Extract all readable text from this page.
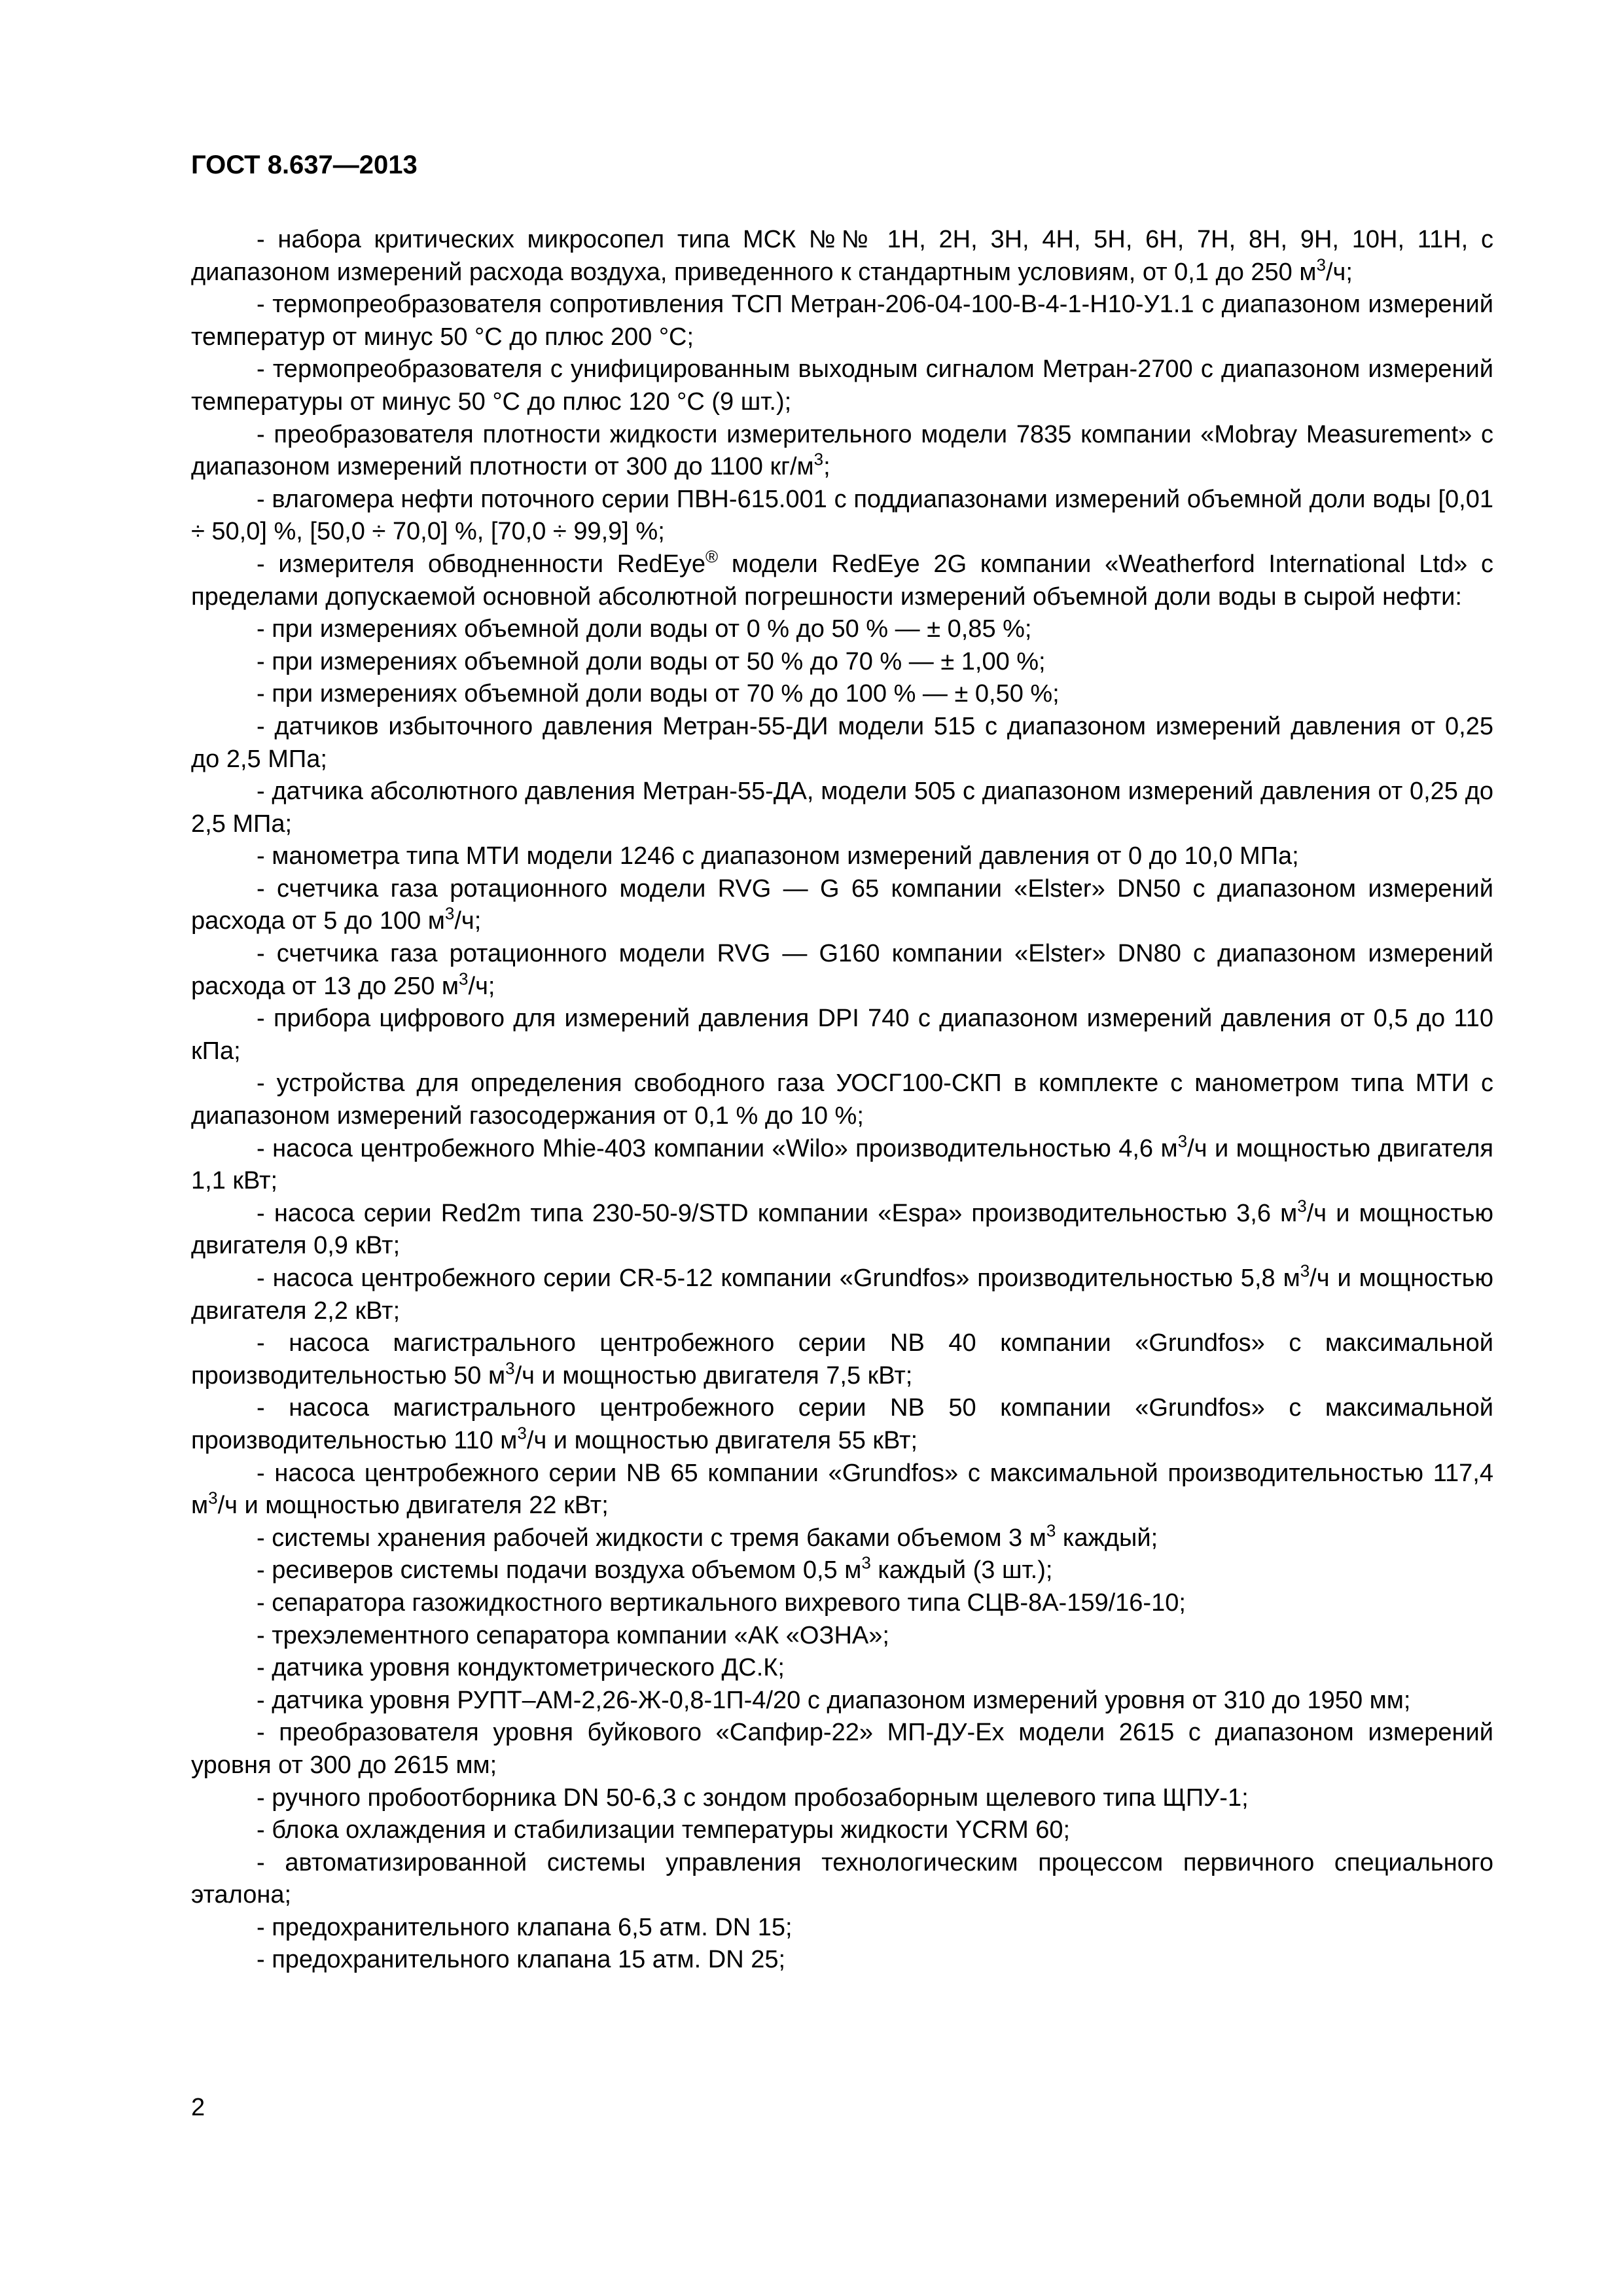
ГОСТ 8.637—2013

- набора критических микросопел типа МСК №№ 1Н, 2Н, 3Н, 4Н, 5Н, 6Н, 7Н, 8Н, 9Н, 10Н, 11Н, с диапазоном измерений расхода воздуха, приведенного к стандартным условиям, от 0,1 до 250 $м^3/ч$;

- термопреобразователя сопротивления ТСП Метран-206-04-100-В-4-1-Н10-У1.1 с диапазоном измерений температур от минус 50 °С до плюс 200 °С;

- термопреобразователя с унифицированным выходным сигналом Метран-2700 с диапазоном измерений температуры от минус 50 °С до плюс 120 °С (9 шт.);

- преобразователя плотности жидкости измерительного модели 7835 компании «Mobray Measurement» с диапазоном измерений плотности от 300 до 1100 $кг/м^3$;

- влагомера нефти поточного серии ПВН-615.001 с поддиапазонами измерений объемной доли воды [0,01 ÷ 50,0] %, [50,0 ÷ 70,0] %, [70,0 ÷ 99,9] %;

- измерителя обводненности RedEye® модели RedEye 2G компании «Weatherford International Ltd» с пределами допускаемой основной абсолютной погрешности измерений объемной доли воды в сырой нефти:

- при измерениях объемной доли воды от 0 % до 50 % — ± 0,85 %;

- при измерениях объемной доли воды от 50 % до 70 % — ± 1,00 %;

- при измерениях объемной доли воды от 70 % до 100 % — ± 0,50 %;

- датчиков избыточного давления Метран-55-ДИ модели 515 с диапазоном измерений давления от 0,25 до 2,5 МПа;

- датчика абсолютного давления Метран-55-ДА, модели 505 с диапазоном измерений давления от 0,25 до 2,5 МПа;

- манометра типа МТИ модели 1246 с диапазоном измерений давления от 0 до 10,0 МПа;

- счетчика газа ротационного модели RVG — G 65 компании «Elster» DN50 с диапазоном измерений расхода от 5 до 100 $м^3/ч$;

- счетчика газа ротационного модели RVG — G160 компании «Elster» DN80 с диапазоном измерений расхода от 13 до 250 $м^3/ч$;

- прибора цифрового для измерений давления DPI 740 с диапазоном измерений давления от 0,5 до 110 кПа;

- устройства для определения свободного газа УОСГ100-СКП в комплекте с манометром типа МТИ с диапазоном измерений газосодержания от 0,1 % до 10 %;

- насоса центробежного Mhie-403 компании «Wilo» производительностью 4,6 $м^3/ч$ и мощностью двигателя 1,1 кВт;

- насоса серии Red2m типа 230-50-9/STD компании «Espa» производительностью 3,6 $м^3/ч$ и мощностью двигателя 0,9 кВт;

- насоса центробежного серии CR-5-12 компании «Grundfos» производительностью 5,8 $м^3/ч$ и мощностью двигателя 2,2 кВт;

- насоса магистрального центробежного серии NB 40 компании «Grundfos» с максимальной производительностью 50 $м^3/ч$ и мощностью двигателя 7,5 кВт;

- насоса магистрального центробежного серии NB 50 компании «Grundfos» с максимальной производительностью 110 $м^3/ч$ и мощностью двигателя 55 кВт;

- насоса центробежного серии NB 65 компании «Grundfos» с максимальной производительностью 117,4 $м^3/ч$ и мощностью двигателя 22 кВт;

- системы хранения рабочей жидкости с тремя баками объемом 3 $м^3$ каждый;

- ресиверов системы подачи воздуха объемом 0,5 $м^3$ каждый (3 шт.);

- сепаратора газожидкостного вертикального вихревого типа СЦВ-8А-159/16-10;

- трехэлементного сепаратора компании «АК «ОЗНА»;

- датчика уровня кондуктометрического ДС.К;

- датчика уровня РУПТ–АМ-2,26-Ж-0,8-1П-4/20 с диапазоном измерений уровня от 310 до 1950 мм;

- преобразователя уровня буйкового «Сапфир-22» МП-ДУ-Ех модели 2615 с диапазоном измерений уровня от 300 до 2615 мм;

- ручного пробоотборника DN 50-6,3 с зондом пробозаборным щелевого типа ЩПУ-1;

- блока охлаждения и стабилизации температуры жидкости YCRM 60;

- автоматизированной системы управления технологическим процессом первичного специального эталона;

- предохранительного клапана 6,5 атм. DN 15;

- предохранительного клапана 15 атм. DN 25;

2
